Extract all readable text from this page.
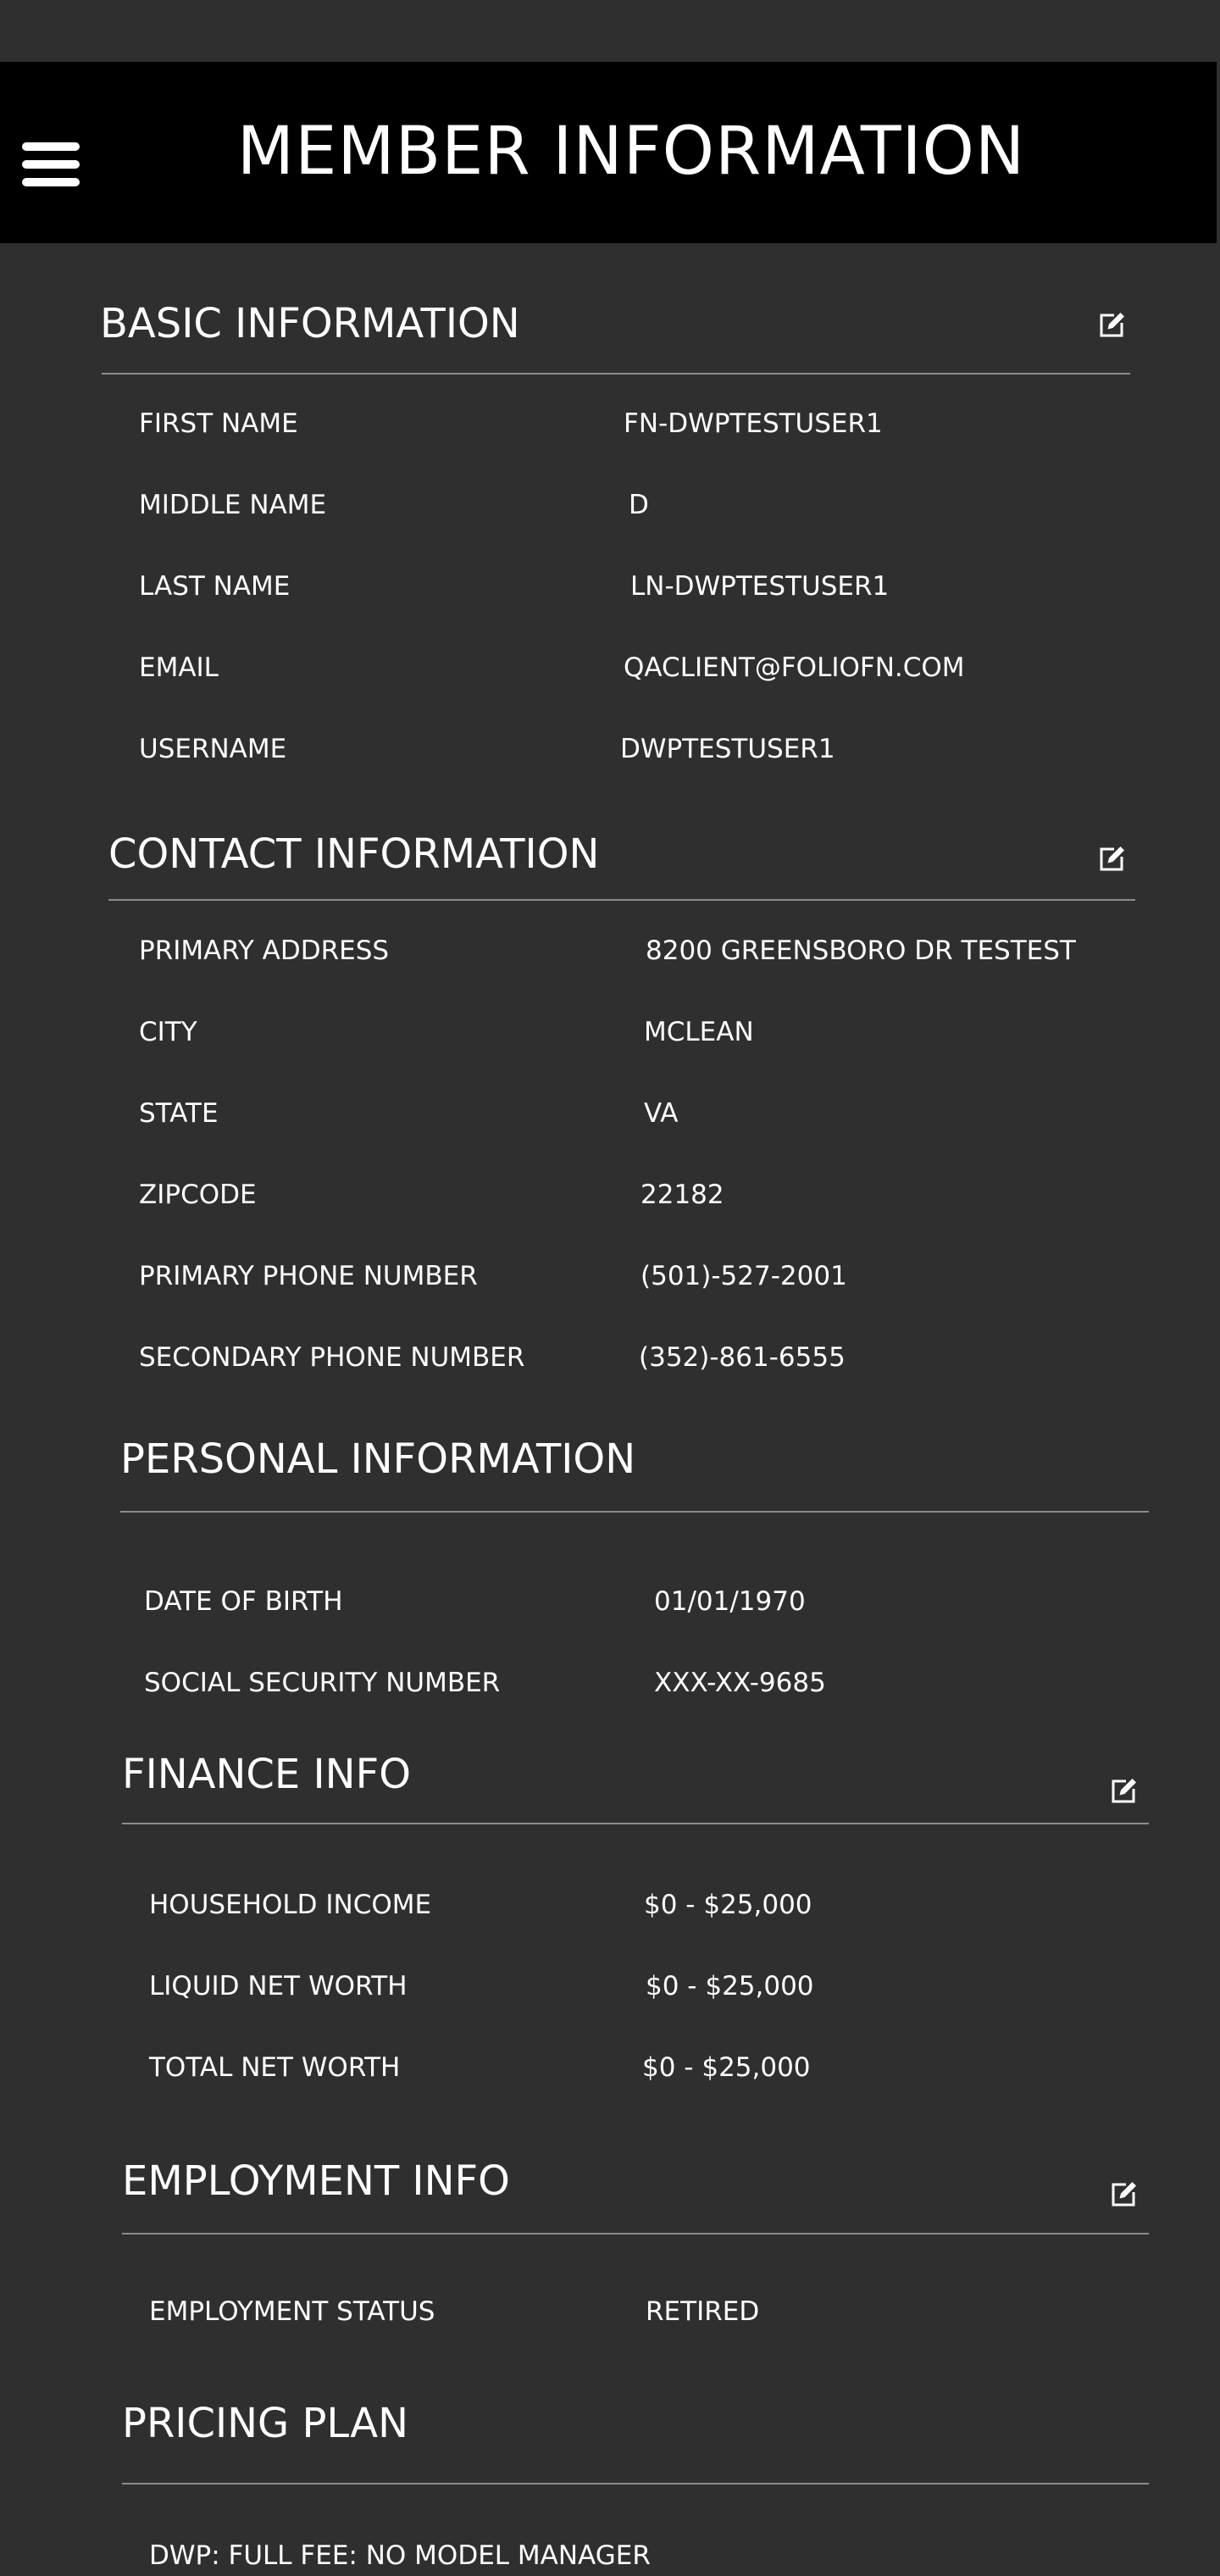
MEMBER INFORMATION
BASIC INFORMATION
FIRST NAME	FN-DWPTESTUSER1
MIDDLE NAME	D
LAST NAME	LN-DWPTESTUSER1
EMAIL	QACLIENT@FOLIOFN.COM
USERNAME	DWPTESTUSER1
CONTACT INFORMATION
PRIMARY ADDRESS	8200 GREENSBORO DR TESTEST
CITY	MCLEAN
STATE	VA
ZIPCODE	22182
PRIMARY PHONE NUMBER	(501)-527-2001
SECONDARY PHONE NUMBER	(352)-861-6555
PERSONAL INFORMATION
DATE OF BIRTH	01/01/1970
SOCIAL SECURITY NUMBER	XXX-XX-9685
FINANCE INFO
HOUSEHOLD INCOME	$0 - $25,000
LIQUID NET WORTH	$0 - $25,000
TOTAL NET WORTH	$0 - $25,000
EMPLOYMENT INFO
EMPLOYMENT STATUS	RETIRED
PRICING PLAN
DWP: FULL FEE: NO MODEL MANAGER
